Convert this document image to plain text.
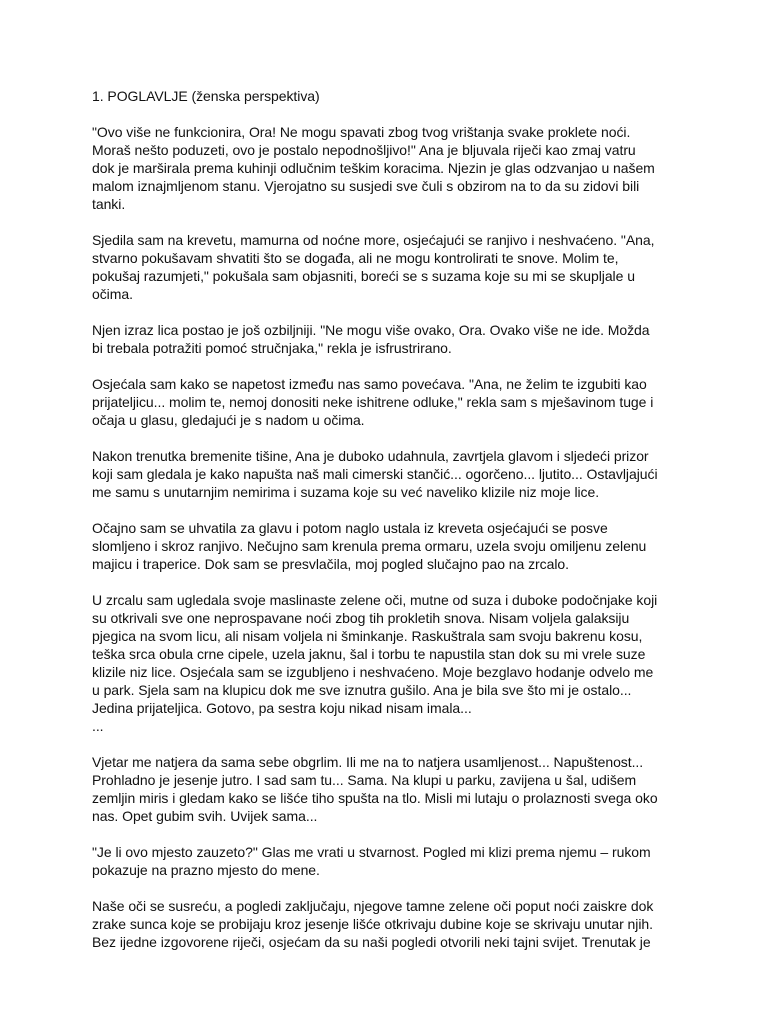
1. POGLAVLJE (ženska perspektiva)
"Ovo više ne funkcionira, Ora! Ne mogu spavati zbog tvog vrištanja svake proklete noći.
Moraš nešto poduzeti, ovo je postalo nepodnošljivo!" Ana je bljuvala riječi kao zmaj vatru
dok je marširala prema kuhinji odlučnim teškim koracima. Njezin je glas odzvanjao u našem
malom iznajmljenom stanu. Vjerojatno su susjedi sve čuli s obzirom na to da su zidovi bili
tanki.
Sjedila sam na krevetu, mamurna od noćne more, osjećajući se ranjivo i neshvaćeno. "Ana,
stvarno pokušavam shvatiti što se događa, ali ne mogu kontrolirati te snove. Molim te,
pokušaj razumjeti," pokušala sam objasniti, boreći se s suzama koje su mi se skupljale u
očima.
Njen izraz lica postao je još ozbiljniji. "Ne mogu više ovako, Ora. Ovako više ne ide. Možda
bi trebala potražiti pomoć stručnjaka," rekla je isfrustrirano.
Osjećala sam kako se napetost između nas samo povećava. "Ana, ne želim te izgubiti kao
prijateljicu... molim te, nemoj donositi neke ishitrene odluke," rekla sam s mješavinom tuge i
očaja u glasu, gledajući je s nadom u očima.
Nakon trenutka bremenite tišine, Ana je duboko udahnula, zavrtjela glavom i sljedeći prizor
koji sam gledala je kako napušta naš mali cimerski stančić... ogorčeno... ljutito... Ostavljajući
me samu s unutarnjim nemirima i suzama koje su već naveliko klizile niz moje lice.
Očajno sam se uhvatila za glavu i potom naglo ustala iz kreveta osjećajući se posve
slomljeno i skroz ranjivo. Nečujno sam krenula prema ormaru, uzela svoju omiljenu zelenu
majicu i traperice. Dok sam se presvlačila, moj pogled slučajno pao na zrcalo.
U zrcalu sam ugledala svoje maslinaste zelene oči, mutne od suza i duboke podočnjake koji
su otkrivali sve one neprospavane noći zbog tih prokletih snova. Nisam voljela galaksiju
pjegica na svom licu, ali nisam voljela ni šminkanje. Raskuštrala sam svoju bakrenu kosu,
teška srca obula crne cipele, uzela jaknu, šal i torbu te napustila stan dok su mi vrele suze
klizile niz lice. Osjećala sam se izgubljeno i neshvaćeno. Moje bezglavo hodanje odvelo me
u park. Sjela sam na klupicu dok me sve iznutra gušilo. Ana je bila sve što mi je ostalo...
Jedina prijateljica. Gotovo, pa sestra koju nikad nisam imala...
...
Vjetar me natjera da sama sebe obgrlim. Ili me na to natjera usamljenost... Napuštenost...
Prohladno je jesenje jutro. I sad sam tu... Sama. Na klupi u parku, zavijena u šal, udišem
zemljin miris i gledam kako se lišće tiho spušta na tlo. Misli mi lutaju o prolaznosti svega oko
nas. Opet gubim svih. Uvijek sama...
"Je li ovo mjesto zauzeto?" Glas me vrati u stvarnost. Pogled mi klizi prema njemu – rukom
pokazuje na prazno mjesto do mene.
Naše oči se susreću, a pogledi zaključaju, njegove tamne zelene oči poput noći zaiskre dok
zrake sunca koje se probijaju kroz jesenje lišće otkrivaju dubine koje se skrivaju unutar njih.
Bez ijedne izgovorene riječi, osjećam da su naši pogledi otvorili neki tajni svijet. Trenutak je
